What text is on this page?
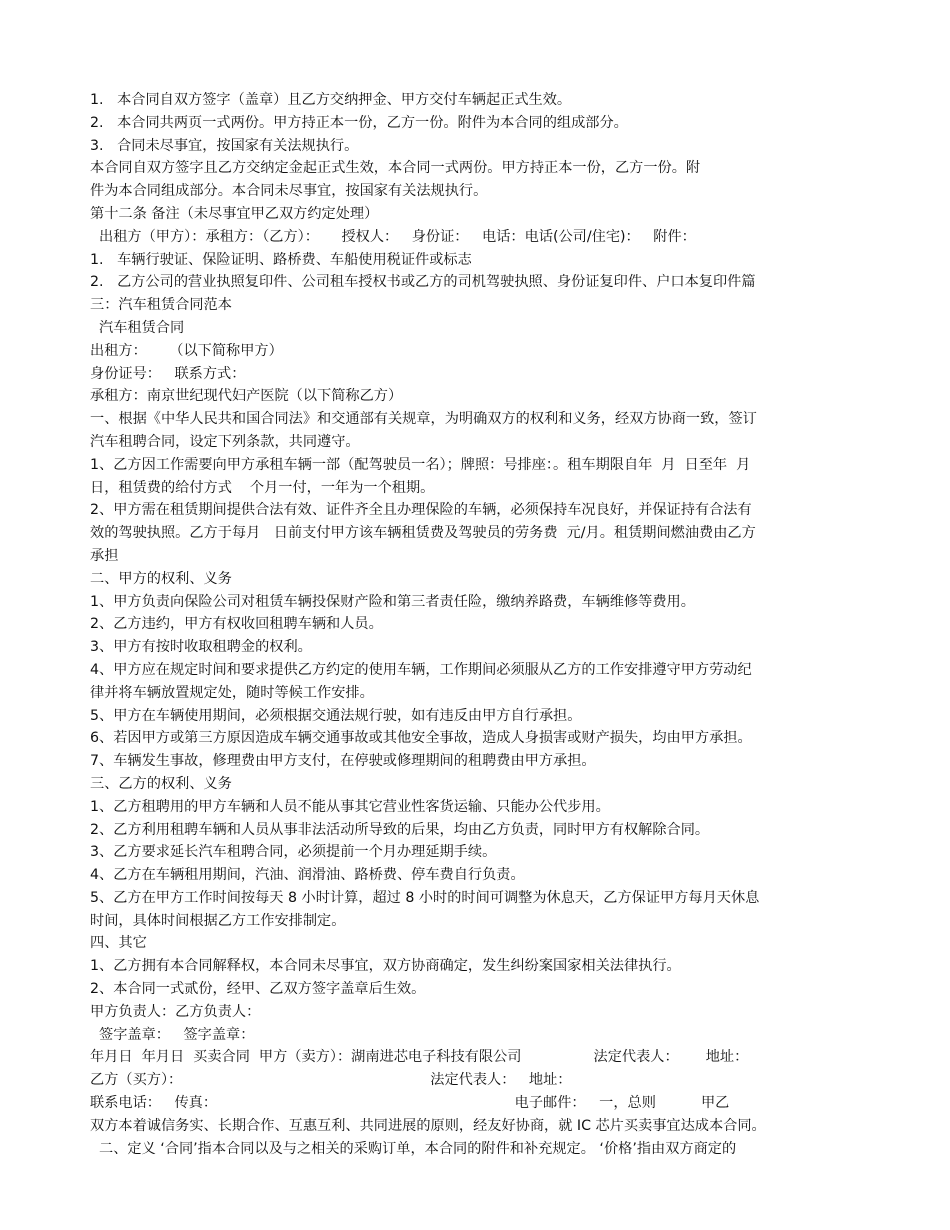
1.   本合同自双方签字（盖章）且乙方交纳押金、甲方交付车辆起正式生效。
2.   本合同共两页一式两份。甲方持正本一份，乙方一份。附件为本合同的组成部分。
3.   合同未尽事宜，按国家有关法规执行。
本合同自双方签字且乙方交纳定金起正式生效，本合同一式两份。甲方持正本一份，乙方一份。附
件为本合同组成部分。本合同未尽事宜，按国家有关法规执行。
第十二条 备注（未尽事宜甲乙双方约定处理）
出租方（甲方）：承租方：（乙方）：     授权人：   身份证：   电话：电话(公司/住宅)：   附件：
1.   车辆行驶证、保险证明、路桥费、车船使用税证件或标志
2.   乙方公司的营业执照复印件、公司租车授权书或乙方的司机驾驶执照、身份证复印件、户口本复印件篇
三：汽车租赁合同范本
汽车租赁合同
出租方：     （以下简称甲方）
身份证号：   联系方式：
承租方：南京世纪现代妇产医院（以下简称乙方）
一、根据《中华人民共和国合同法》和交通部有关规章，为明确双方的权利和义务，经双方协商一致，签订
汽车租聘合同，设定下列条款，共同遵守。
1、乙方因工作需要向甲方承租车辆一部（配驾驶员一名）；牌照：号排座：。租车期限自年  月  日至年  月
日，租赁费的给付方式    个月一付，一年为一个租期。
2、甲方需在租赁期间提供合法有效、证件齐全且办理保险的车辆，必须保持车况良好，并保证持有合法有
效的驾驶执照。乙方于每月   日前支付甲方该车辆租赁费及驾驶员的劳务费  元/月。租赁期间燃油费由乙方
承担
二、甲方的权利、义务
1、甲方负责向保险公司对租赁车辆投保财产险和第三者责任险，缴纳养路费，车辆维修等费用。
2、乙方违约，甲方有权收回租聘车辆和人员。
3、甲方有按时收取租聘金的权利。
4、甲方应在规定时间和要求提供乙方约定的使用车辆，工作期间必须服从乙方的工作安排遵守甲方劳动纪
律并将车辆放置规定处，随时等候工作安排。
5、甲方在车辆使用期间，必须根据交通法规行驶，如有违反由甲方自行承担。
6、若因甲方或第三方原因造成车辆交通事故或其他安全事故，造成人身损害或财产损失，均由甲方承担。
7、车辆发生事故，修理费由甲方支付，在停驶或修理期间的租聘费由甲方承担。
三、乙方的权利、义务
1、乙方租聘用的甲方车辆和人员不能从事其它营业性客货运输、只能办公代步用。
2、乙方利用租聘车辆和人员从事非法活动所导致的后果，均由乙方负责，同时甲方有权解除合同。
3、乙方要求延长汽车租聘合同，必须提前一个月办理延期手续。
4、乙方在车辆租用期间，汽油、润滑油、路桥费、停车费自行负责。
5、乙方在甲方工作时间按每天 8 小时计算，超过 8 小时的时间可调整为休息天，乙方保证甲方每月天休息
时间，具体时间根据乙方工作安排制定。
四、其它
1、乙方拥有本合同解释权，本合同未尽事宜，双方协商确定，发生纠纷案国家相关法律执行。
2、本合同一式贰份，经甲、乙双方签字盖章后生效。
甲方负责人：乙方负责人：
签字盖章：   签字盖章：
年月日  年月日  买卖合同  甲方（卖方）：湖南进芯电子科技有限公司                法定代表人：      地址：
乙方（买方）：                                                       法定代表人：   地址：
联系电话：   传真：                                                                  电子邮件：   一，总则          甲乙
双方本着诚信务实、长期合作、互惠互利、共同进展的原则，经友好协商，就 IC 芯片买卖事宜达成本合同。
二、定义 ‘合同’指本合同以及与之相关的采购订单，本合同的附件和补充规定。 ‘价格’指由双方商定的
